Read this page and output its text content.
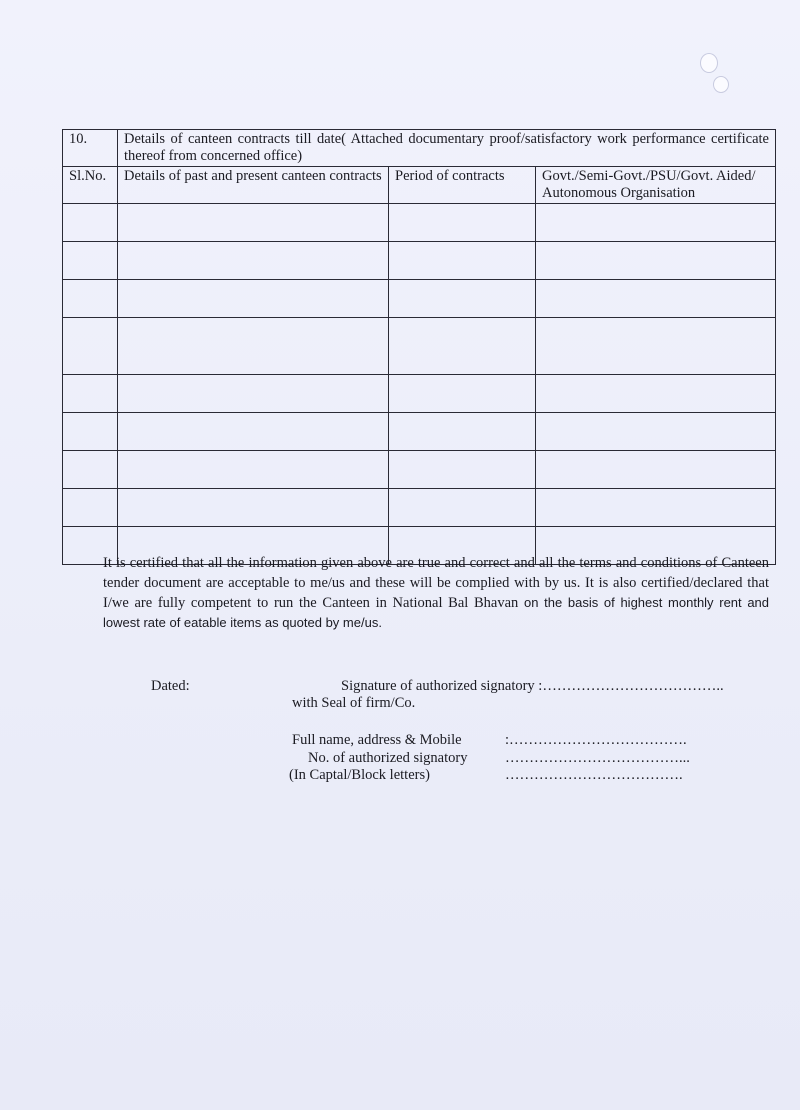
10.	Details of canteen contracts till date( Attached documentary proof/satisfactory work performance certificate thereof from concerned office)		
Sl.No.	Details of past and present canteen contracts	Period of contracts	Govt./Semi-Govt./PSU/Govt. Aided/ Autonomous Organisation

It is certified that all the information given above are true and correct and all the terms and conditions of Canteen tender document are acceptable to me/us and these will be complied with by us. It is also certified/declared that I/we are fully competent to run the Canteen in National Bal Bhavan on the basis of highest monthly rent and lowest rate of eatable items as quoted by me/us.
Dated:	Signature of authorized signatory :………………………………..
with Seal of firm/Co.
Full name, address & Mobile	:……………………………….
No. of authorized signatory	………………………………...
(In Captal/Block letters)	……………………………….
